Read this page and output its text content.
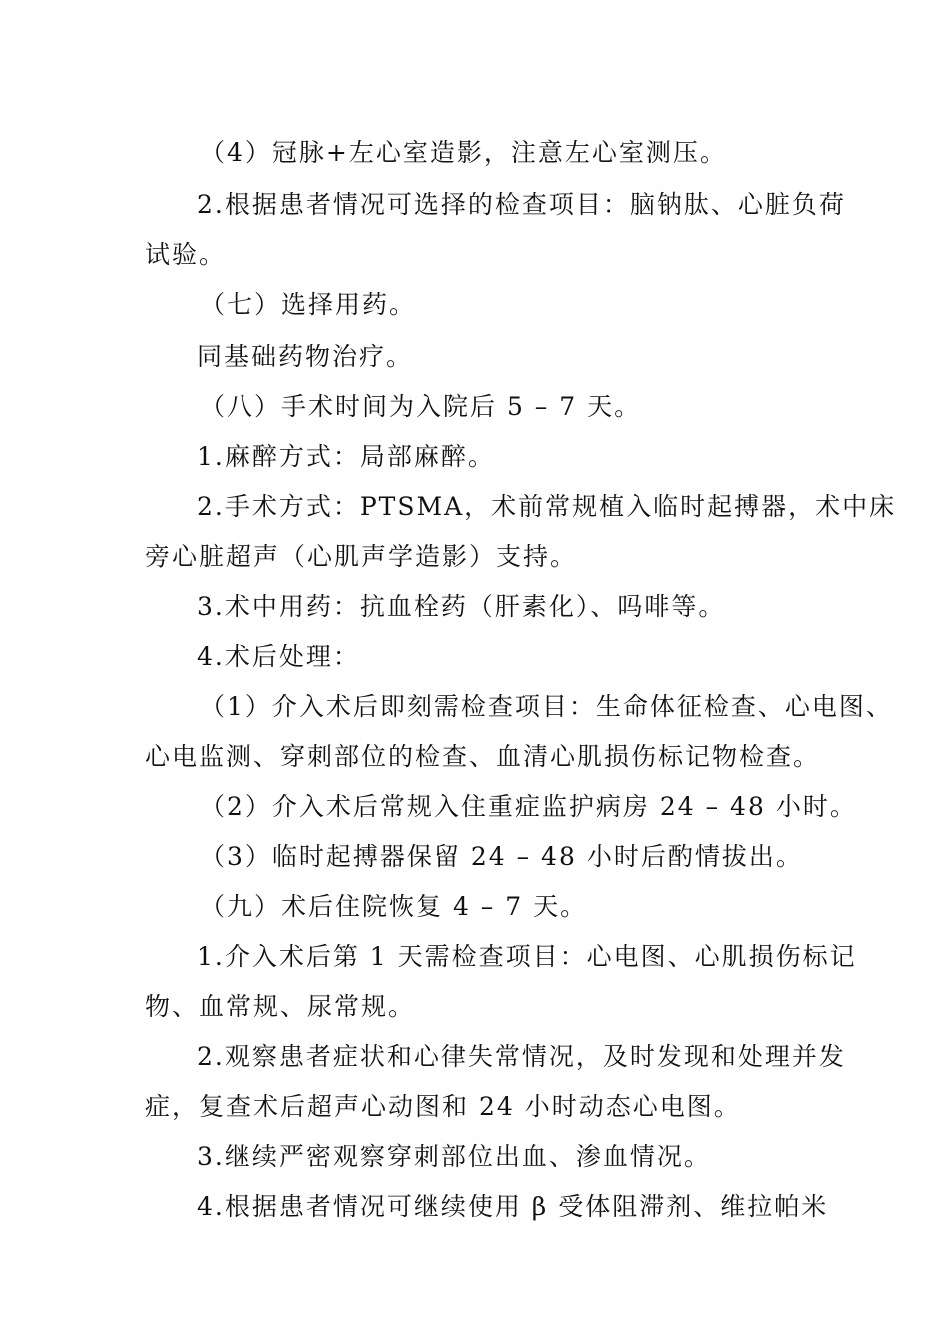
（4）冠脉+左心室造影，注意左心室测压。
2.根据患者情况可选择的检查项目：脑钠肽、心脏负荷
试验。
（七）选择用药。
同基础药物治疗。
（八）手术时间为入院后 5 – 7 天。
1.麻醉方式：局部麻醉。
2.手术方式：PTSMA，术前常规植入临时起搏器，术中床
旁心脏超声（心肌声学造影）支持。
3.术中用药：抗血栓药（肝素化）、吗啡等。
4.术后处理：
（1）介入术后即刻需检查项目：生命体征检查、心电图、
心电监测、穿刺部位的检查、血清心肌损伤标记物检查。
（2）介入术后常规入住重症监护病房 24 – 48 小时。
（3）临时起搏器保留 24 – 48 小时后酌情拔出。
（九）术后住院恢复 4 – 7 天。
1.介入术后第 1 天需检查项目：心电图、心肌损伤标记
物、血常规、尿常规。
2.观察患者症状和心律失常情况，及时发现和处理并发
症，复查术后超声心动图和 24 小时动态心电图。
3.继续严密观察穿刺部位出血、渗血情况。
4.根据患者情况可继续使用 β 受体阻滞剂、维拉帕米
